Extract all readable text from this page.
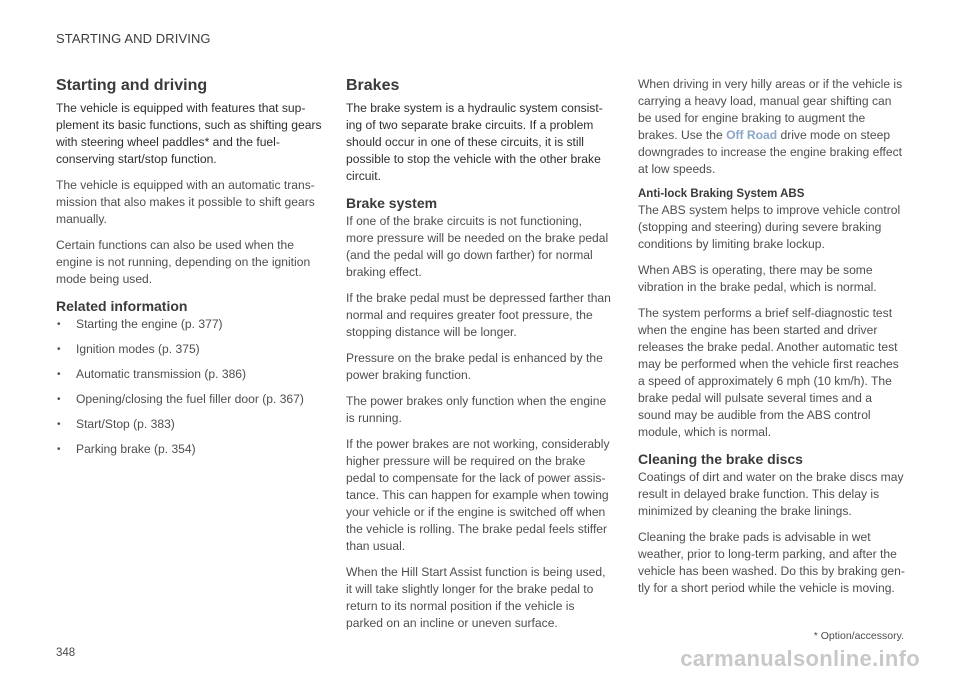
STARTING AND DRIVING
Starting and driving

The vehicle is equipped with features that sup-plement its basic functions, such as shifting gears with steering wheel paddles* and the fuel-conserving start/stop function.

The vehicle is equipped with an automatic trans-mission that also makes it possible to shift gears manually.

Certain functions can also be used when the engine is not running, depending on the ignition mode being used.

Related information
• Starting the engine (p. 377)
• Ignition modes (p. 375)
• Automatic transmission (p. 386)
• Opening/closing the fuel filler door (p. 367)
• Start/Stop (p. 383)
• Parking brake (p. 354)
Brakes

The brake system is a hydraulic system consist-ing of two separate brake circuits. If a problem should occur in one of these circuits, it is still possible to stop the vehicle with the other brake circuit.

Brake system

If one of the brake circuits is not functioning, more pressure will be needed on the brake pedal (and the pedal will go down farther) for normal braking effect.

If the brake pedal must be depressed farther than normal and requires greater foot pressure, the stopping distance will be longer.

Pressure on the brake pedal is enhanced by the power braking function.

The power brakes only function when the engine is running.

If the power brakes are not working, considerably higher pressure will be required on the brake pedal to compensate for the lack of power assis-tance. This can happen for example when towing your vehicle or if the engine is switched off when the vehicle is rolling. The brake pedal feels stiffer than usual.

When the Hill Start Assist function is being used, it will take slightly longer for the brake pedal to return to its normal position if the vehicle is parked on an incline or uneven surface.

When driving in very hilly areas or if the vehicle is carrying a heavy load, manual gear shifting can be used for engine braking to augment the brakes. Use the Off Road drive mode on steep downgrades to increase the engine braking effect at low speeds.

Anti-lock Braking System ABS

The ABS system helps to improve vehicle control (stopping and steering) during severe braking conditions by limiting brake lockup.

When ABS is operating, there may be some vibration in the brake pedal, which is normal.

The system performs a brief self-diagnostic test when the engine has been started and driver releases the brake pedal. Another automatic test may be performed when the vehicle first reaches a speed of approximately 6 mph (10 km/h). The brake pedal will pulsate several times and a sound may be audible from the ABS control module, which is normal.

Cleaning the brake discs

Coatings of dirt and water on the brake discs may result in delayed brake function. This delay is minimized by cleaning the brake linings.

Cleaning the brake pads is advisable in wet weather, prior to long-term parking, and after the vehicle has been washed. Do this by braking gen-tly for a short period while the vehicle is moving.

* Option/accessory.
348	carmanualsonline.info
